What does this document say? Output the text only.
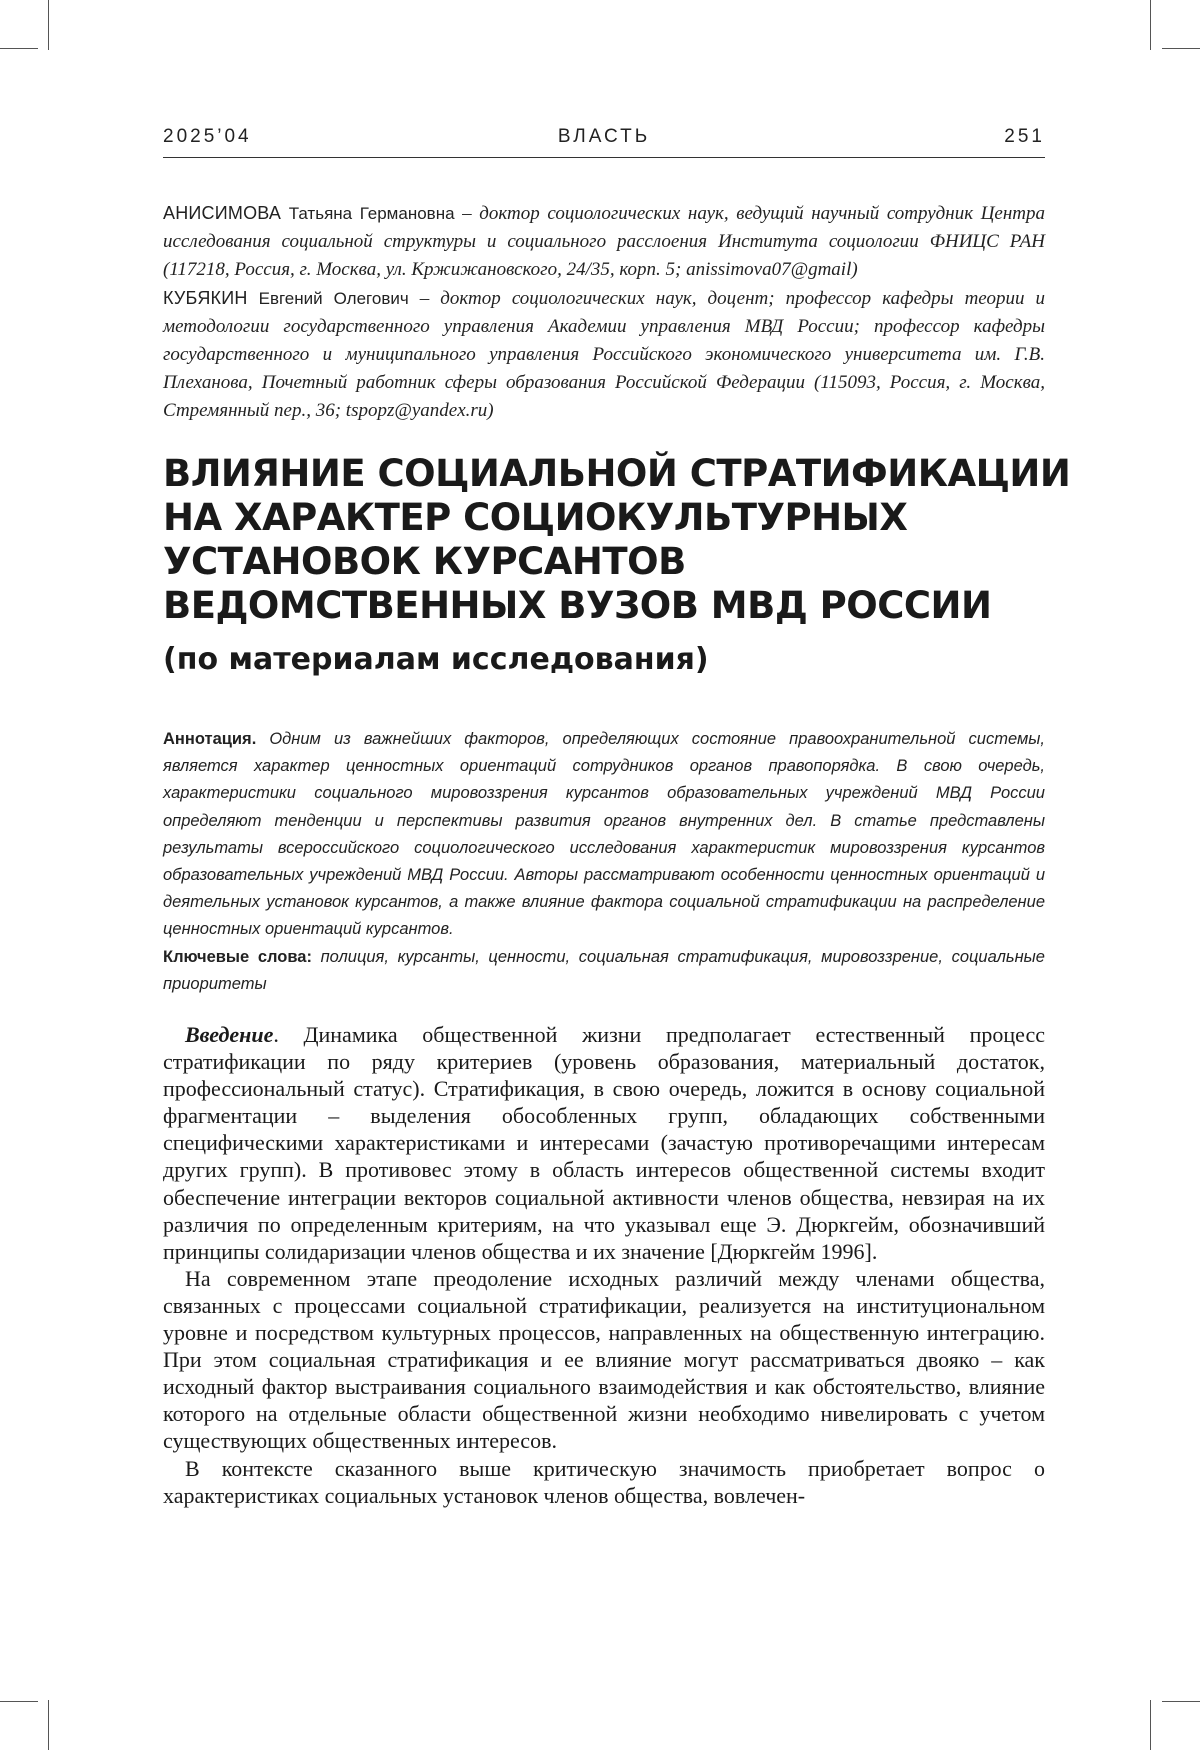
2025’04	ВЛАСТЬ	251

АНИСИМОВА Татьяна Германовна – доктор социологических наук, ведущий научный сотрудник Центра исследования социальной структуры и социального расслоения Института социологии ФНИЦС РАН (117218, Россия, г. Москва, ул. Кржижановского, 24/35, корп. 5; anissimova07@gmail)

КУБЯКИН Евгений Олегович – доктор социологических наук, доцент; профессор кафедры теории и методологии государственного управления Академии управления МВД России; профессор кафедры государственного и муниципального управления Российского экономического университета им. Г.В. Плеханова, Почетный работник сферы образования Российской Федерации (115093, Россия, г. Москва, Стремянный пер., 36; tspopz@yandex.ru)

ВЛИЯНИЕ СОЦИАЛЬНОЙ СТРАТИФИКАЦИИ
НА ХАРАКТЕР СОЦИОКУЛЬТУРНЫХ
УСТАНОВОК КУРСАНТОВ
ВЕДОМСТВЕННЫХ ВУЗОВ МВД РОССИИ
(по материалам исследования)

Аннотация. Одним из важнейших факторов, определяющих состояние правоохранительной системы, является характер ценностных ориентаций сотрудников органов правопорядка. В свою очередь, характеристики социального мировоззрения курсантов образовательных учреждений МВД России определяют тенденции и перспективы развития органов внутренних дел. В статье представлены результаты всероссийского социологического исследования характеристик мировоззрения курсантов образовательных учреждений МВД России. Авторы рассматривают особенности ценностных ориентаций и деятельных установок курсантов, а также влияние фактора социальной стратификации на распределение ценностных ориентаций курсантов.

Ключевые слова: полиция, курсанты, ценности, социальная стратификация, мировоззрение, социальные приоритеты

Введение. Динамика общественной жизни предполагает естественный процесс стратификации по ряду критериев (уровень образования, материальный достаток, профессиональный статус). Стратификация, в свою очередь, ложится в основу социальной фрагментации – выделения обособленных групп, обладающих собственными специфическими характеристиками и интересами (зачастую противоречащими интересам других групп). В противовес этому в область интересов общественной системы входит обеспечение интеграции векторов социальной активности членов общества, невзирая на их различия по определенным критериям, на что указывал еще Э. Дюркгейм, обозначивший принципы солидаризации членов общества и их значение [Дюркгейм 1996].

На современном этапе преодоление исходных различий между членами общества, связанных с процессами социальной стратификации, реализуется на институциональном уровне и посредством культурных процессов, направленных на общественную интеграцию. При этом социальная стратификация и ее влияние могут рассматриваться двояко – как исходный фактор выстраивания социального взаимодействия и как обстоятельство, влияние которого на отдельные области общественной жизни необходимо нивелировать с учетом существующих общественных интересов.

В контексте сказанного выше критическую значимость приобретает вопрос о характеристиках социальных установок членов общества, вовлечен-
